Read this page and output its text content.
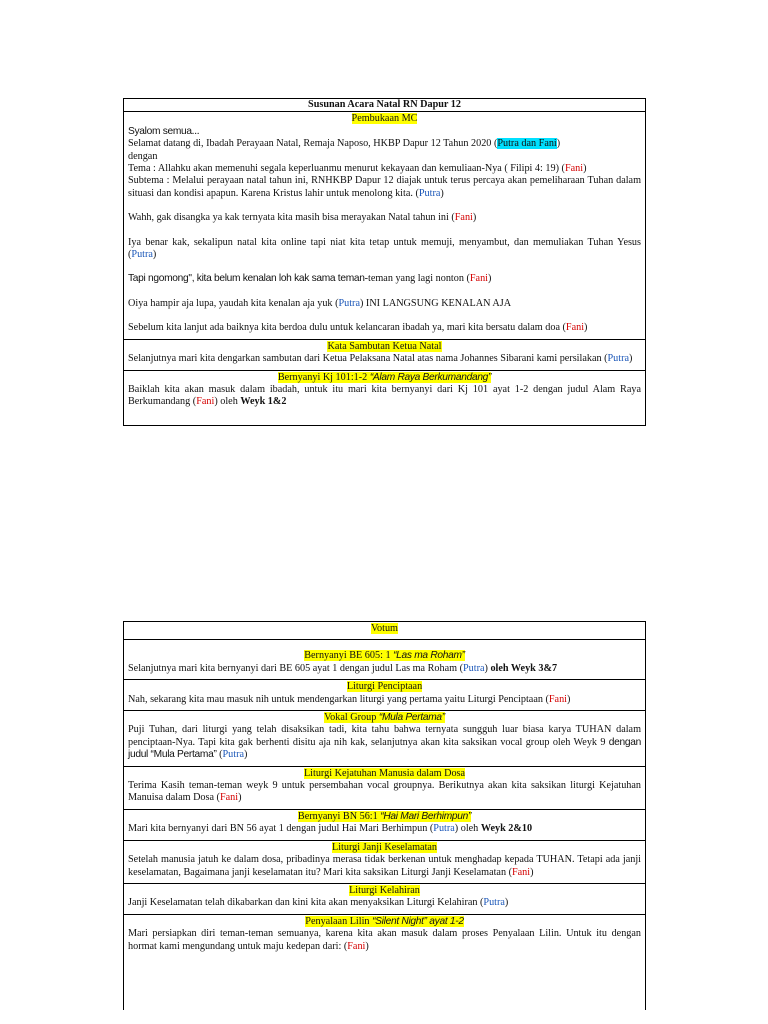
Susunan Acara Natal RN Dapur 12
Pembukaan MC

Syalom semua...

Selamat datang di, Ibadah Perayaan Natal, Remaja Naposo, HKBP Dapur 12 Tahun 2020 (Putra dan Fani)

dengan

Tema : Allahku akan memenuhi segala keperluanmu menurut kekayaan dan kemuliaan-Nya ( Filipi 4: 19) (Fani)

Subtema : Melalui perayaan natal tahun ini, RNHKBP Dapur 12 diajak untuk terus percaya akan pemeliharaan Tuhan dalam situasi dan kondisi apapun. Karena Kristus lahir untuk menolong kita. (Putra)

Wahh, gak disangka ya kak ternyata kita masih bisa merayakan Natal tahun ini (Fani)

Iya benar kak, sekalipun natal kita online tapi niat kita tetap untuk memuji, menyambut, dan memuliakan Tuhan Yesus (Putra)

Tapi ngomong", kita belum kenalan loh kak sama teman-teman yang lagi nonton (Fani)

Oiya hampir aja lupa, yaudah kita kenalan aja yuk (Putra) INI LANGSUNG KENALAN AJA

Sebelum kita lanjut ada baiknya kita berdoa dulu untuk kelancaran ibadah ya, mari kita bersatu dalam doa (Fani)

Kata Sambutan Ketua Natal

Selanjutnya mari kita dengarkan sambutan dari Ketua Pelaksana Natal atas nama Johannes Sibarani kami persilakan (Putra)

Bernyanyi Kj 101:1-2 “Alam Raya Berkumandang”

Baiklah kita akan masuk dalam ibadah, untuk itu mari kita bernyanyi dari Kj 101 ayat 1-2 dengan judul Alam Raya Berkumandang (Fani) oleh Weyk 1&2

Votum
Bernyanyi BE 605: 1 “Las ma Roham”

Selanjutnya mari kita bernyanyi dari BE 605 ayat 1 dengan judul Las ma Roham (Putra) oleh Weyk 3&7

Liturgi Penciptaan

Nah, sekarang kita mau masuk nih untuk mendengarkan liturgi yang pertama yaitu Liturgi Penciptaan (Fani)

Vokal Group “Mula Pertama”

Puji Tuhan, dari liturgi yang telah disaksikan tadi, kita tahu bahwa ternyata sungguh luar biasa karya TUHAN dalam penciptaan-Nya. Tapi kita gak berhenti disitu aja nih kak, selanjutnya akan kita saksikan vocal group oleh Weyk 9 dengan judul “Mula Pertama” (Putra)

Liturgi Kejatuhan Manusia dalam Dosa

Terima Kasih teman-teman weyk 9 untuk persembahan vocal groupnya. Berikutnya akan kita saksikan liturgi Kejatuhan Manuisa dalam Dosa (Fani)

Bernyanyi BN 56:1 “Hai Mari Berhimpun”

Mari kita bernyanyi dari BN 56 ayat 1 dengan judul Hai Mari Berhimpun (Putra) oleh Weyk 2&10

Liturgi Janji Keselamatan

Setelah manusia jatuh ke dalam dosa, pribadinya merasa tidak berkenan untuk menghadap kepada TUHAN. Tetapi ada janji keselamatan, Bagaimana janji keselamatan itu? Mari kita saksikan Liturgi Janji Keselamatan (Fani)

Liturgi Kelahiran

Janji Keselamatan telah dikabarkan dan kini kita akan menyaksikan Liturgi Kelahiran (Putra)

Penyalaan Lilin “Silent Night” ayat 1-2

Mari persiapkan diri teman-teman semuanya, karena kita akan masuk dalam proses Penyalaan Lilin. Untuk itu dengan hormat kami mengundang untuk maju kedepan dari: (Fani)
